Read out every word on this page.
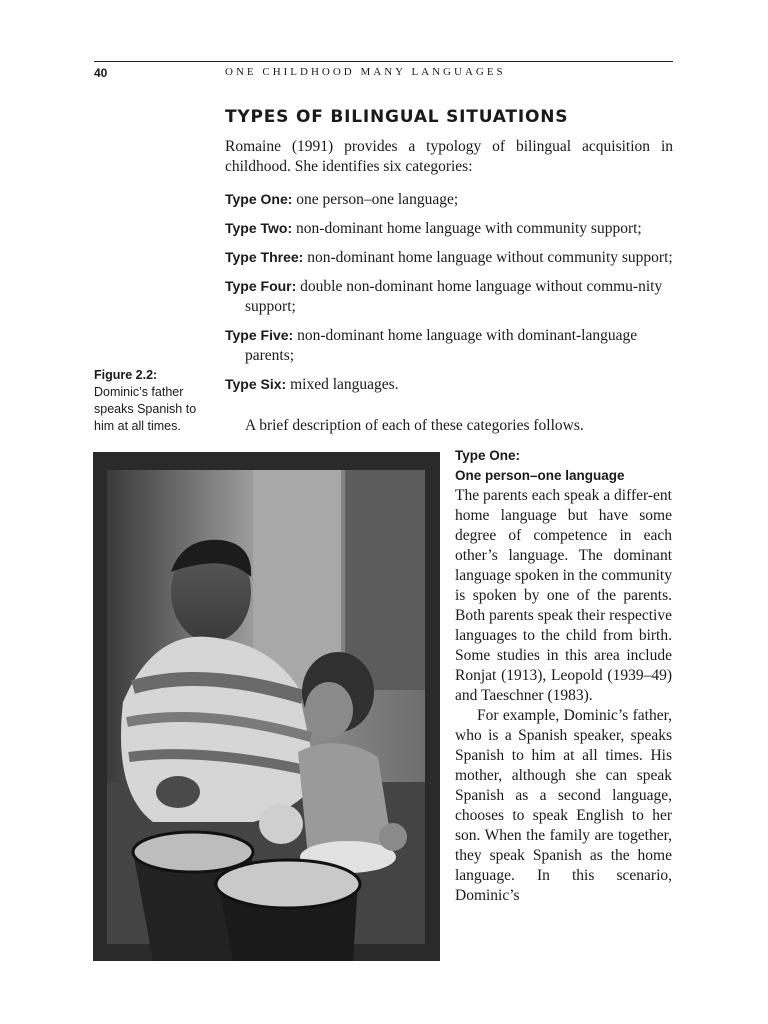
40	ONE CHILDHOOD MANY LANGUAGES
TYPES OF BILINGUAL SITUATIONS
Romaine (1991) provides a typology of bilingual acquisition in childhood. She identifies six categories:
Type One: one person–one language;
Type Two: non-dominant home language with community support;
Type Three: non-dominant home language without community support;
Type Four: double non-dominant home language without commu-nity support;
Type Five: non-dominant home language with dominant-language parents;
Type Six: mixed languages.
A brief description of each of these categories follows.
Figure 2.2:
Dominic’s father speaks Spanish to him at all times.
Type One:
One person–one language

The parents each speak a differ-ent home language but have some degree of competence in each other’s language. The dominant language spoken in the community is spoken by one of the parents. Both parents speak their respective languages to the child from birth. Some studies in this area include Ronjat (1913), Leopold (1939–49) and Taeschner (1983).

For example, Dominic’s father, who is a Spanish speaker, speaks Spanish to him at all times. His mother, although she can speak Spanish as a second language, chooses to speak English to her son. When the family are together, they speak Spanish as the home language. In this scenario, Dominic’s
